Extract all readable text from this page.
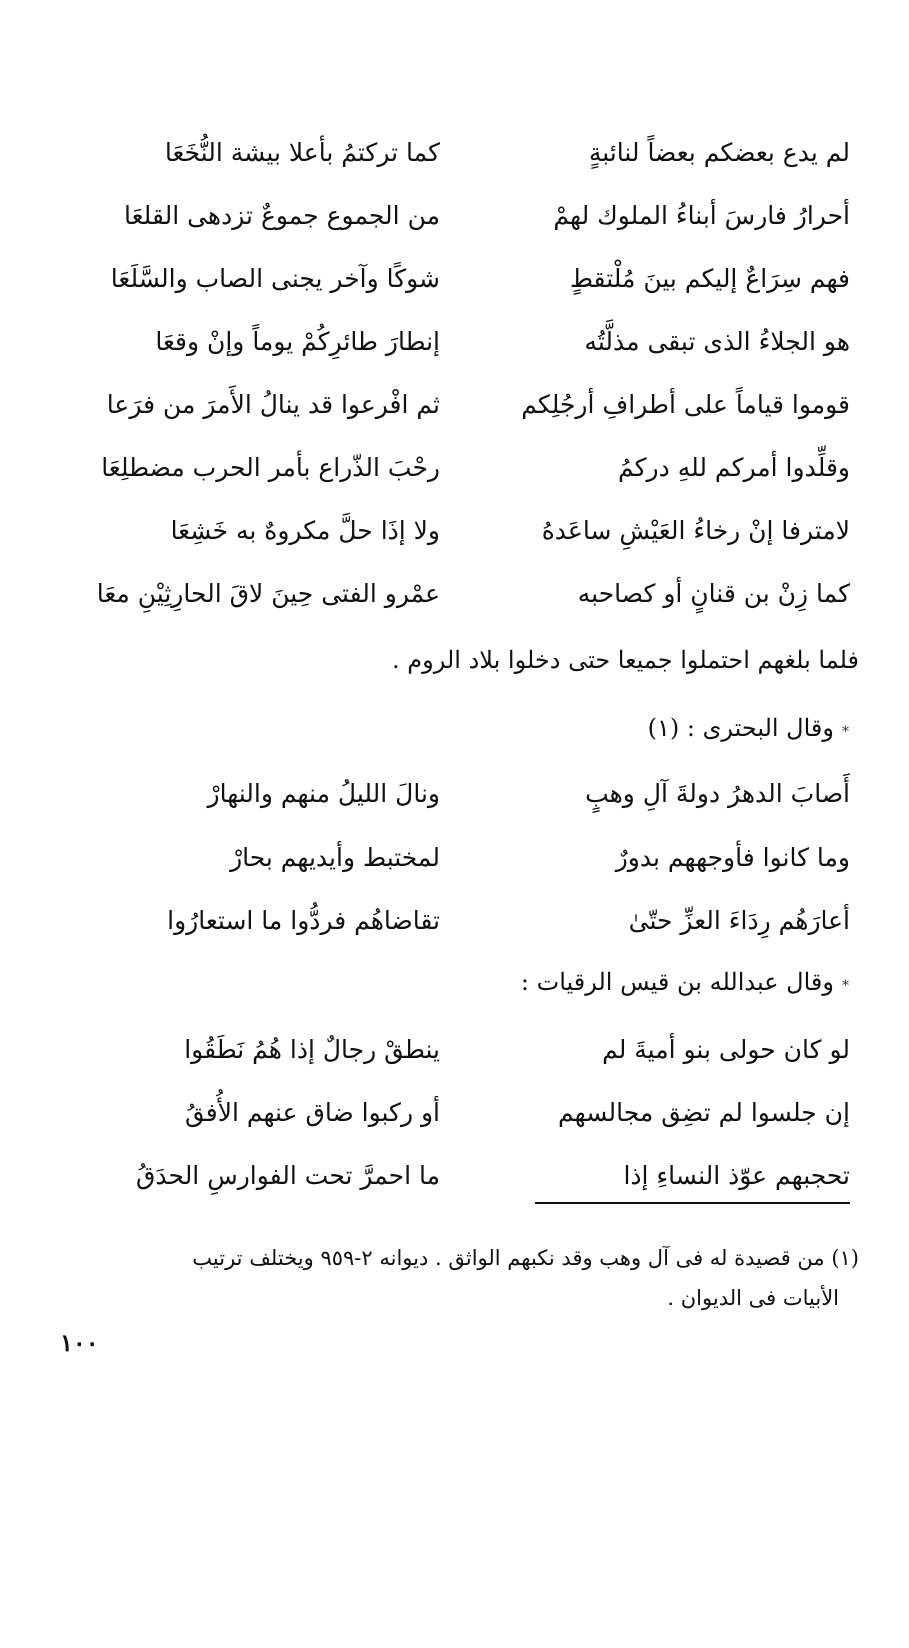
لم يدع بعضكم بعضاً لنائبةٍ
كما تركتمُ بأعلا بيشة النُّخَعَا
أحرارُ فارسَ أبناءُ الملوك لهمْ
من الجموع جموعٌ تزدهى القلعَا
فهم سِرَاعٌ إليكم بينَ مُلْتقطٍ
شوكًا وآخر يجنى الصاب والسَّلَعَا
هو الجلاءُ الذى تبقى مذلَّتُه
إنطارَ طائرِكُمْ يوماً وإنْ وقعَا
قوموا قياماً على أطرافِ أرجُلِكم
ثم افْرعوا قد ينالُ الأَمرَ من فرَعا
وقلِّدوا أمركم للهِ دركمُ
رحْبَ الذّراع بأمر الحرب مضطلِعَا
لامترفا إنْ رخاءُ العَيْشِ ساعَدهُ
ولا إذَا حلَّ مكروهٌ به خَشِعَا
كما زِنْ بن قنانٍ أو كصاحبه
عمْرو الفتى حِينَ لاقَ الحارِثِيْنِ معَا
فلما بلغهم احتملوا جميعا حتى دخلوا بلاد الروم .
*وقال البحترى : (١)
أَصابَ الدهرُ دولةَ آلِ وهبٍ
ونالَ الليلُ منهم والنهارْ
وما كانوا فأوجههم بدورٌ
لمختبط وأيديهم بحارْ
أعارَهُم رِدَاءَ العزِّ حتّىٰ
تقاضاهُم فردُّوا ما استعارُوا
*وقال عبدالله بن قيس الرقيات :
لو كان حولى بنو أميةَ لم
ينطقْ رجالٌ إذا هُمُ نَطَقُوا
إن جلسوا لم تضِق مجالسهم
أو ركبوا ضاق عنهم الأُفقُ
تحجبهم عوّذ النساءِ إذا
ما احمرَّ تحت الفوارسِ الحدَقُ
(١) من قصيدة له فى آل وهب وقد نكبهم الواثق . ديوانه ٢-٩٥٩ ويختلف ترتيب
الأبيات فى الديوان .
١٠٠
